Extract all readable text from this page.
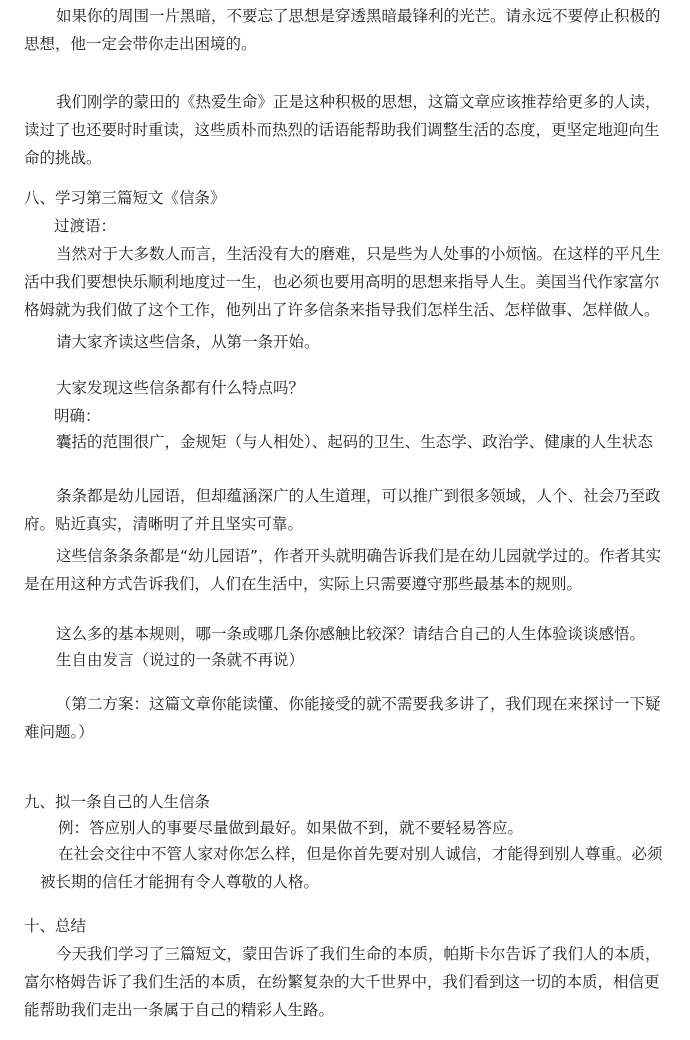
如果你的周围一片黑暗，不要忘了思想是穿透黑暗最锋利的光芒。请永远不要停止积极的思想，他一定会带你走出困境的。

我们刚学的蒙田的《热爱生命》正是这种积极的思想，这篇文章应该推荐给更多的人读，读过了也还要时时重读，这些质朴而热烈的话语能帮助我们调整生活的态度，更坚定地迎向生命的挑战。

八、学习第三篇短文《信条》

过渡语：

当然对于大多数人而言，生活没有大的磨难，只是些为人处事的小烦恼。在这样的平凡生活中我们要想快乐顺利地度过一生，也必须也要用高明的思想来指导人生。美国当代作家富尔格姆就为我们做了这个工作，他列出了许多信条来指导我们怎样生活、怎样做事、怎样做人。

请大家齐读这些信条，从第一条开始。

大家发现这些信条都有什么特点吗？

明确：

囊括的范围很广，金规矩（与人相处）、起码的卫生、生态学、政治学、健康的人生状态

条条都是幼儿园语，但却蕴涵深广的人生道理，可以推广到很多领域，人个、社会乃至政府。贴近真实，清晰明了并且坚实可靠。

这些信条条条都是“幼儿园语”，作者开头就明确告诉我们是在幼儿园就学过的。作者其实是在用这种方式告诉我们，人们在生活中，实际上只需要遵守那些最基本的规则。

这么多的基本规则，哪一条或哪几条你感触比较深？请结合自己的人生体验谈谈感悟。

生自由发言（说过的一条就不再说）

（第二方案：这篇文章你能读懂、你能接受的就不需要我多讲了，我们现在来探讨一下疑难问题。）

九、拟一条自己的人生信条

例：答应别人的事要尽量做到最好。如果做不到，就不要轻易答应。

在社会交往中不管人家对你怎么样，但是你首先要对别人诚信，才能得到别人尊重。必须被长期的信任才能拥有令人尊敬的人格。

十、总结

今天我们学习了三篇短文，蒙田告诉了我们生命的本质，帕斯卡尔告诉了我们人的本质，富尔格姆告诉了我们生活的本质，在纷繁复杂的大千世界中，我们看到这一切的本质，相信更能帮助我们走出一条属于自己的精彩人生路。
